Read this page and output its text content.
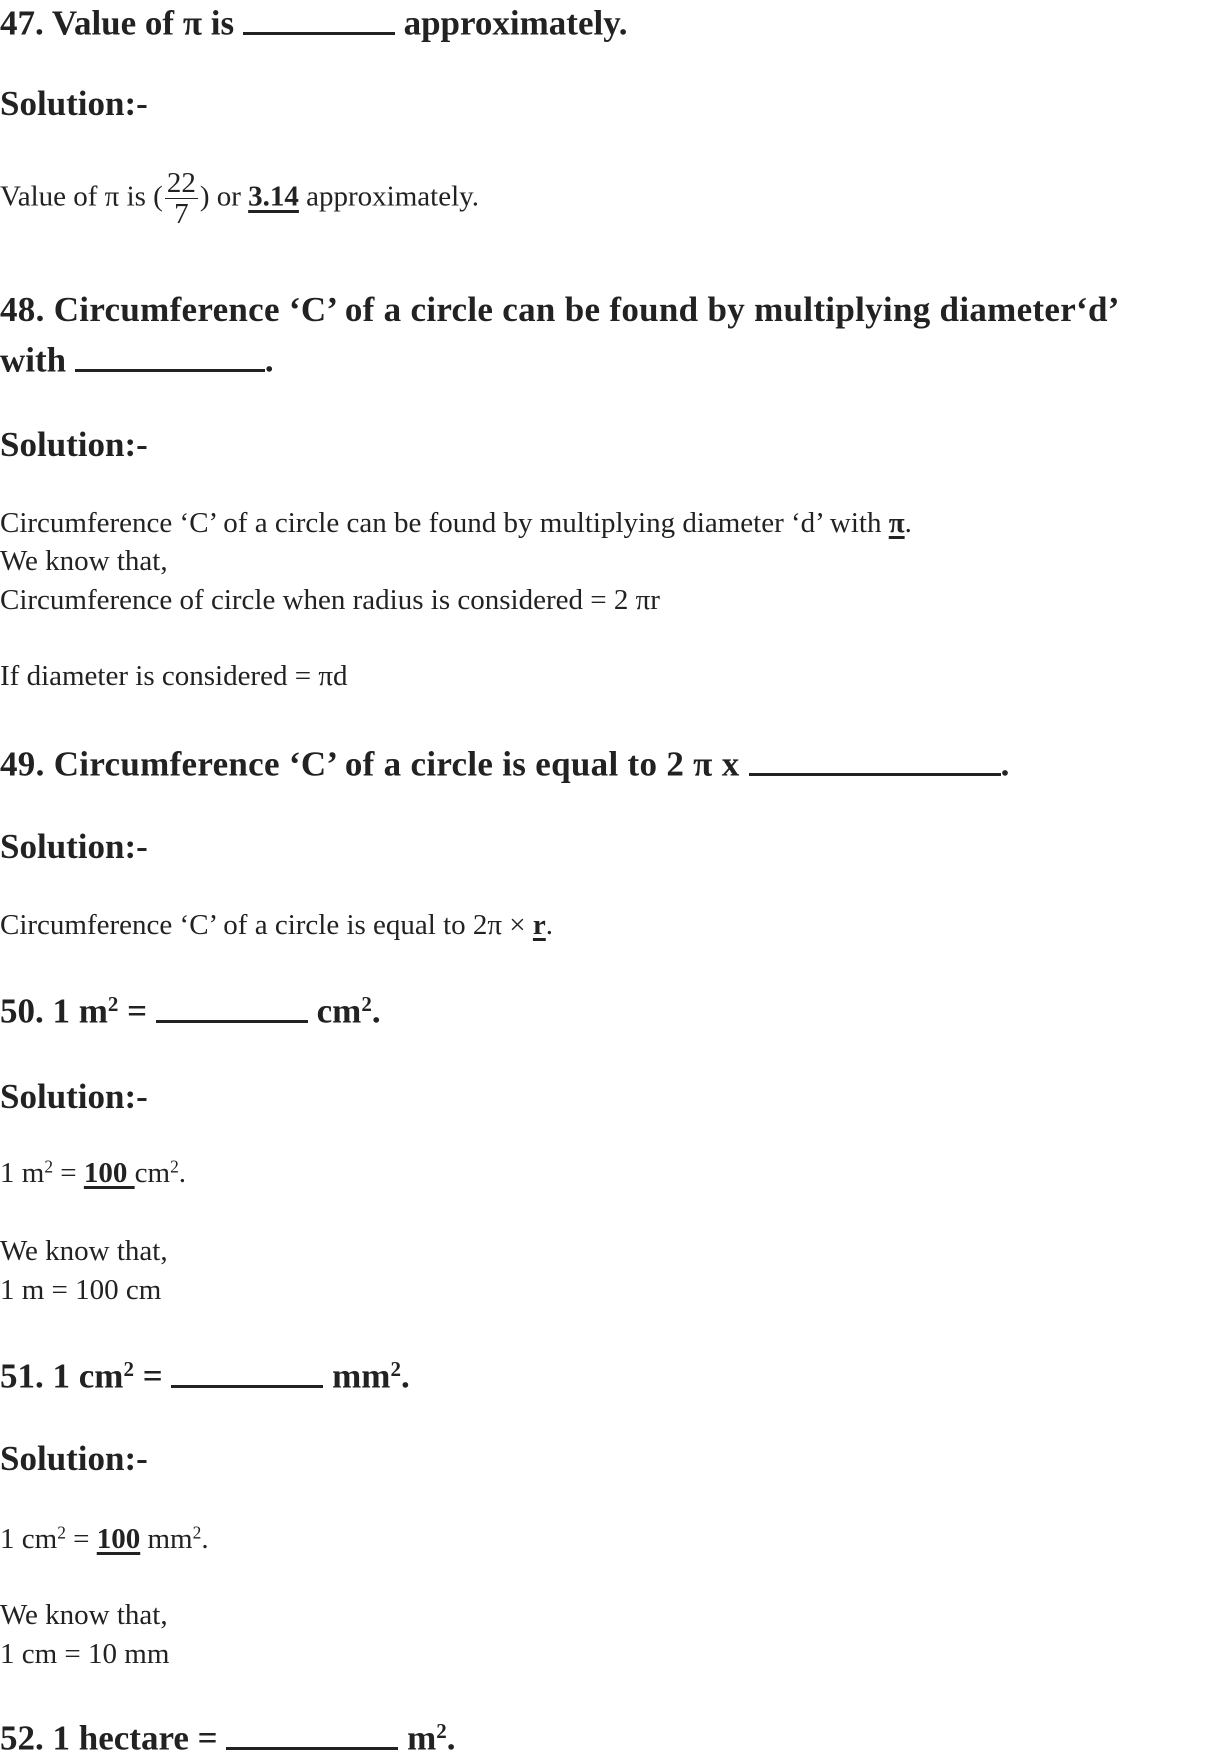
47. Value of π is	approximately.
Solution:-
Value of π is ( $\frac{22}{7}$ ) or 3.14 approximately.
48. Circumference ‘C’ of a circle can be found by multiplying diameter‘d’
with	.
Solution:-
Circumference ‘C’ of a circle can be found by multiplying diameter ‘d’ with π.
We know that,
Circumference of circle when radius is considered = 2 πr
If diameter is considered = πd
49. Circumference ‘C’ of a circle is equal to 2 π x	.
Solution:-
Circumference ‘C’ of a circle is equal to 2π × r.
50. 1 $m^2$ =	$cm^2$.
Solution:-
1 $m^2 = 100$ $cm^2$.
We know that,
1 m = 100 cm
51. 1 $cm^2$ =	$mm^2$.
Solution:-
1 $cm^2 = 100$ $mm^2$.
We know that,
1 cm = 10 mm
52. 1 hectare =	$m^2$.
